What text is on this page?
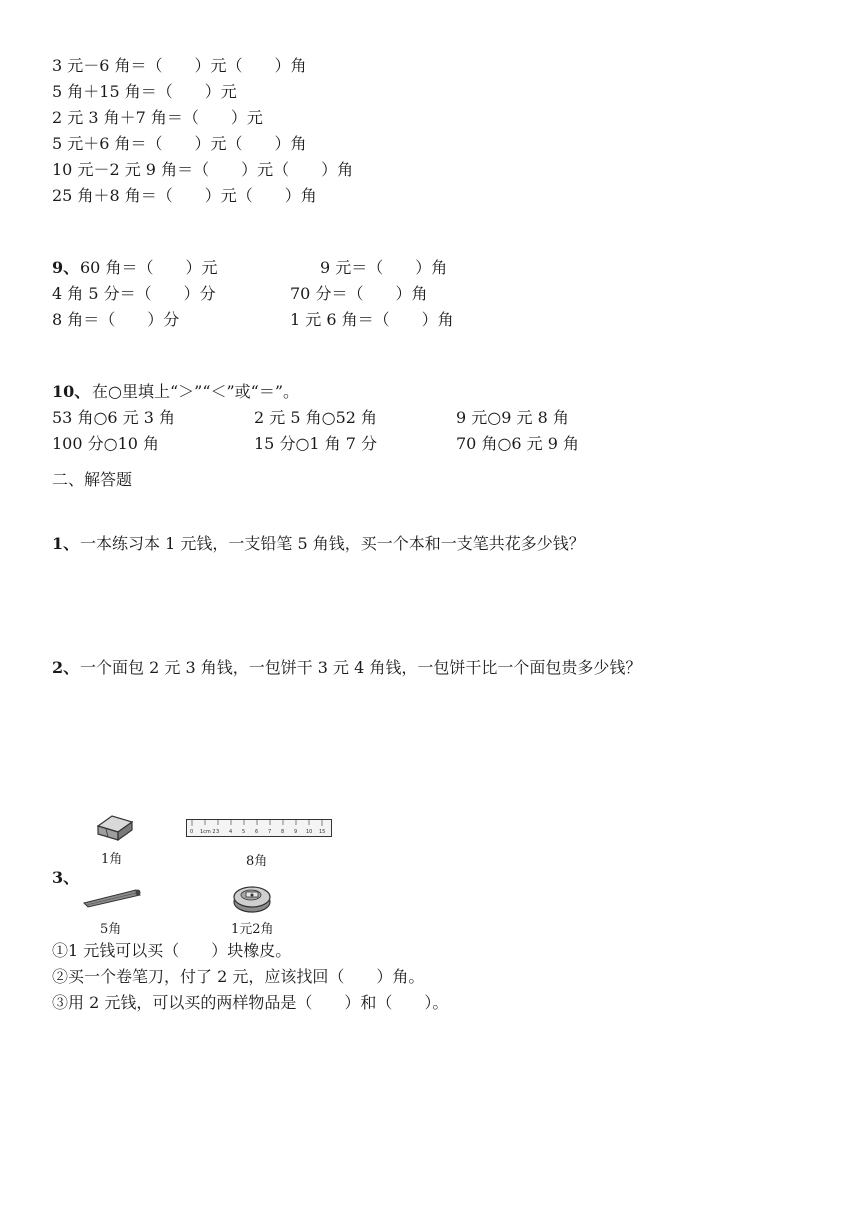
3 元－6 角＝（　　）元（　　）角
5 角＋15 角＝（　　）元
2 元 3 角＋7 角＝（　　）元
5 元＋6 角＝（　　）元（　　）角
10 元－2 元 9 角＝（　　）元（　　）角
25 角＋8 角＝（　　）元（　　）角
9、 60 角＝（　　）元	9 元＝（　　）角
4 角 5 分＝（　　）分	70 分＝（　　）角
8 角＝（　　）分	1 元 6 角＝（　　）角
10、 在○里填上“＞”“＜”或“＝”。
53 角○6 元 3 角	2 元 5 角○52 角	9 元○9 元 8 角
100 分○10 角	15 分○1 角 7 分	70 角○6 元 9 角
二、解答题
1、 一本练习本 1 元钱，一支铅笔 5 角钱，买一个本和一支笔共花多少钱？
2、 一个面包 2 元 3 角钱，一包饼干 3 元 4 角钱，一包饼干比一个面包贵多少钱？
1角
0 1cm 2 3 4 5 6 7 8 9 10 15
8角
3、
5角	1元2角
①1 元钱可以买（　　）块橡皮。
②买一个卷笔刀，付了 2 元，应该找回（　　）角。
③用 2 元钱，可以买的两样物品是（　　）和（　　）。
